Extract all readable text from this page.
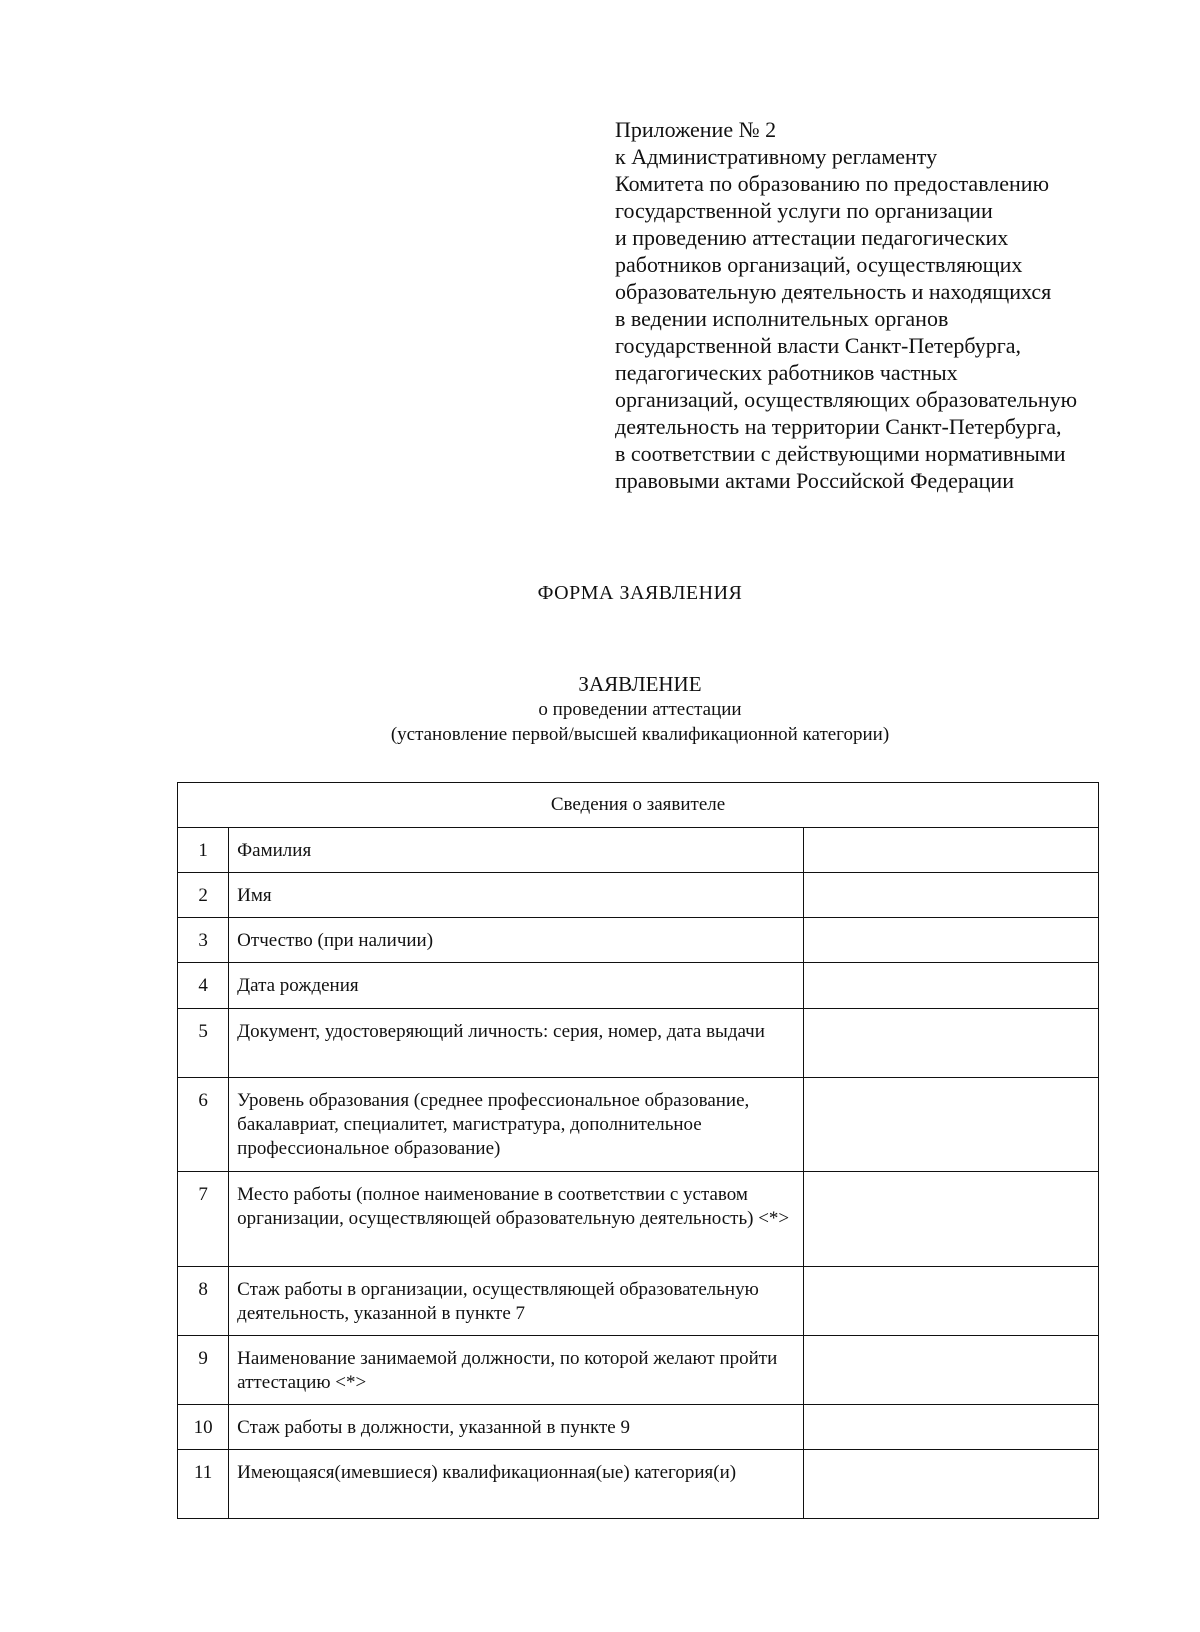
Приложение № 2
к Административному регламенту
Комитета по образованию по предоставлению
государственной услуги по организации
и проведению аттестации педагогических
работников организаций, осуществляющих
образовательную деятельность и находящихся
в ведении исполнительных органов
государственной власти Санкт-Петербурга,
педагогических работников частных
организаций, осуществляющих образовательную
деятельность на территории Санкт-Петербурга,
в соответствии с действующими нормативными
правовыми актами Российской Федерации
ФОРМА ЗАЯВЛЕНИЯ
ЗАЯВЛЕНИЕ
о проведении аттестации
(установление первой/высшей квалификационной категории)
Сведения о заявителе		
1	Фамилия	
2	Имя	
3	Отчество (при наличии)	
4	Дата рождения	
5	Документ, удостоверяющий личность: серия, номер, дата выдачи	
6	Уровень образования (среднее профессиональное образование, бакалавриат, специалитет, магистратура, дополнительное профессиональное образование)	
7	Место работы (полное наименование в соответствии с уставом организации, осуществляющей образовательную деятельность) <*>	
8	Стаж работы в организации, осуществляющей образовательную деятельность, указанной в пункте 7	
9	Наименование занимаемой должности, по которой желают пройти аттестацию <*>	
10	Стаж работы в должности, указанной в пункте 9	
11	Имеющаяся(имевшиеся) квалификационная(ые) категория(и)	
